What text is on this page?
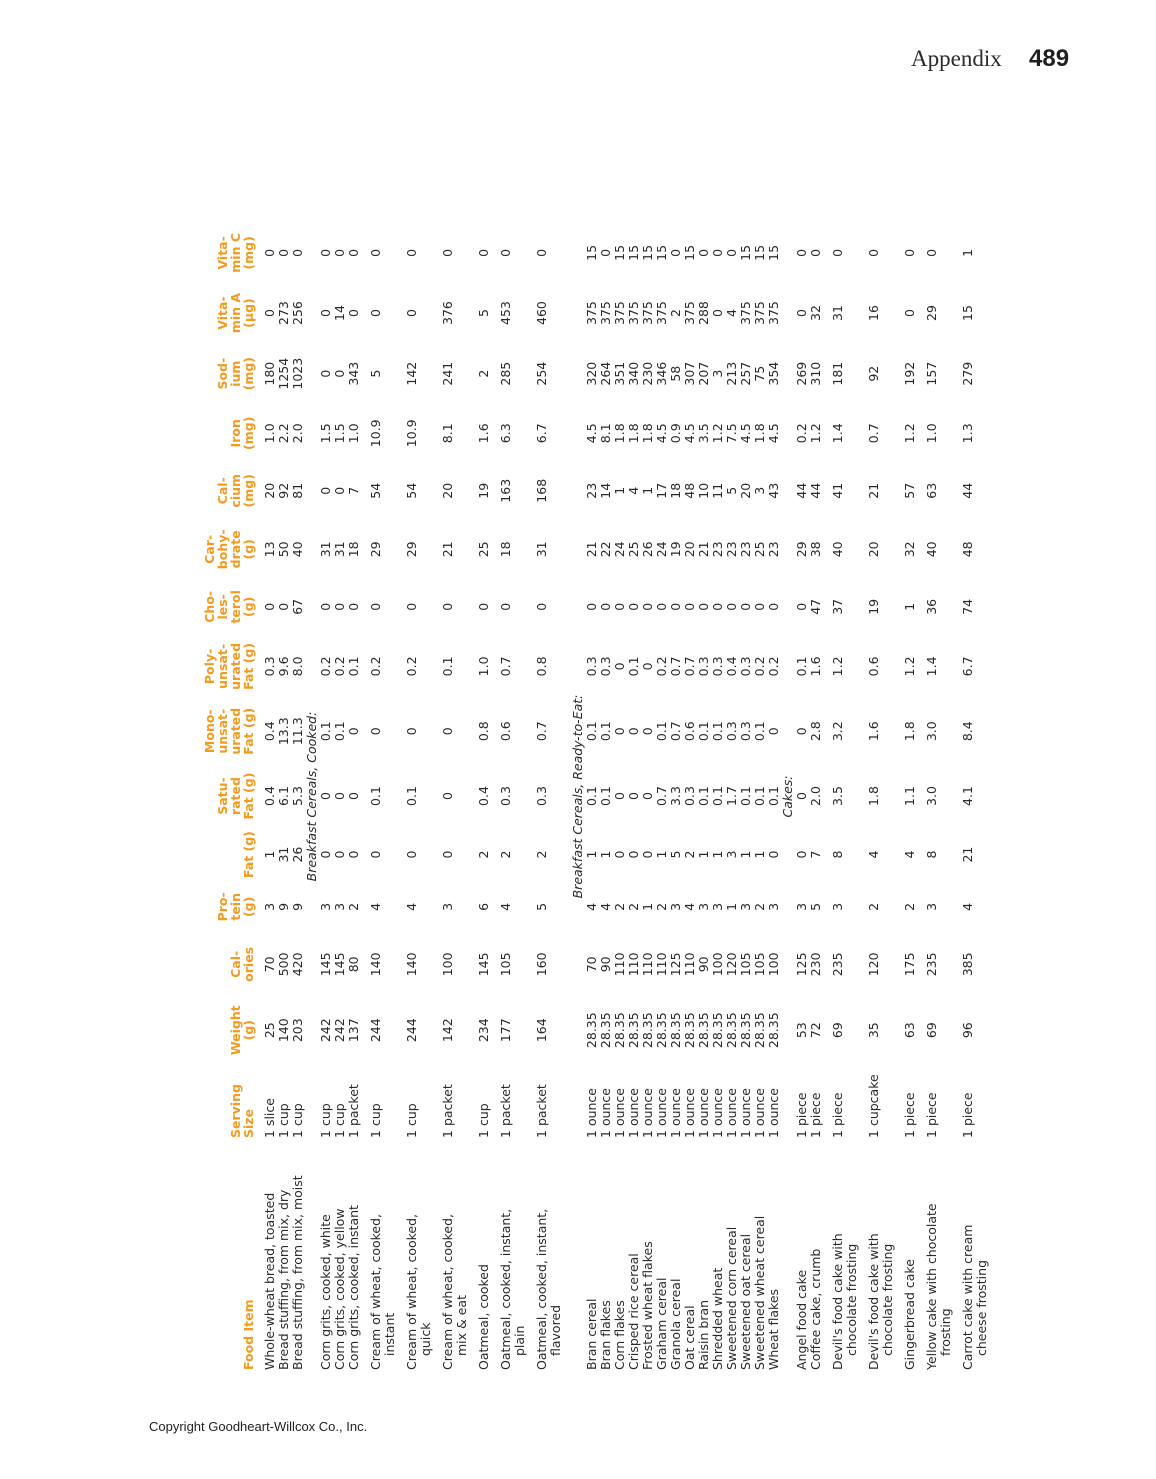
Appendix 489
Food Item	Serving Size	Weight (g)	Cal- ories	Pro- tein (g)	Fat (g)	Satu- rated Fat (g)	Mono- unsat- urated Fat (g)	Poly- unsat- urated Fat (g)	Cho- les- terol (g)	Car- bohy- drate (g)	Cal- cium (mg)	Iron (mg)	Sod- ium (mg)	Vita- min A (µg)	Vita- min C (mg)
Whole-wheat bread, toasted	1 slice	25	70	3	1	0.4	0.4	0.3	0	13	20	1.0	180	0	0
Bread stuffing, from mix, dry	1 cup	140	500	9	31	6.1	13.3	9.6	0	50	92	2.2	1254	273	0
Bread stuffing, from mix, moist	1 cup	203	420	9	26	5.3	11.3	8.0	67	40	81	2.0	1023	256	0
Breakfast Cereals, Cooked:															
Corn grits, cooked, white	1 cup	242	145	3	0	0	0.1	0.2	0	31	0	1.5	0	0	0
Corn grits, cooked, yellow	1 cup	242	145	3	0	0	0.1	0.2	0	31	0	1.5	0	14	0
Corn grits, cooked, instant	1 packet	137	80	2	0	0	0	0.1	0	18	7	1.0	343	0	0
Cream of wheat, cooked,
instant	1 cup	244	140	4	0	0.1	0	0.2	0	29	54	10.9	5	0	0
Cream of wheat, cooked,
quick	1 cup	244	140	4	0	0.1	0	0.2	0	29	54	10.9	142	0	0
Cream of wheat, cooked,
mix & eat	1 packet	142	100	3	0	0	0	0.1	0	21	20	8.1	241	376	0
Oatmeal, cooked	1 cup	234	145	6	2	0.4	0.8	1.0	0	25	19	1.6	2	5	0
Oatmeal, cooked, instant,
plain	1 packet	177	105	4	2	0.3	0.6	0.7	0	18	163	6.3	285	453	0
Oatmeal, cooked, instant,
flavored	1 packet	164	160	5	2	0.3	0.7	0.8	0	31	168	6.7	254	460	0
Breakfast Cereals, Ready-to-Eat:															
Bran cereal	1 ounce	28.35	70	4	1	0.1	0.1	0.3	0	21	23	4.5	320	375	15
Bran flakes	1 ounce	28.35	90	4	1	0.1	0.1	0.3	0	22	14	8.1	264	375	0
Corn flakes	1 ounce	28.35	110	2	0	0	0	0	0	24	1	1.8	351	375	15
Crisped rice cereal	1 ounce	28.35	110	2	0	0	0	0.1	0	25	4	1.8	340	375	15
Frosted wheat flakes	1 ounce	28.35	110	1	0	0	0	0	0	26	1	1.8	230	375	15
Graham cereal	1 ounce	28.35	110	2	1	0.7	0.1	0.2	0	24	17	4.5	346	375	15
Granola cereal	1 ounce	28.35	125	3	5	3.3	0.7	0.7	0	19	18	0.9	58	2	0
Oat cereal	1 ounce	28.35	110	4	2	0.3	0.6	0.7	0	20	48	4.5	307	375	15
Raisin bran	1 ounce	28.35	90	3	1	0.1	0.1	0.3	0	21	10	3.5	207	288	0
Shredded wheat	1 ounce	28.35	100	3	1	0.1	0.1	0.3	0	23	11	1.2	3	0	0
Sweetened corn cereal	1 ounce	28.35	120	1	3	1.7	0.3	0.4	0	23	5	7.5	213	4	0
Sweetened oat cereal	1 ounce	28.35	105	3	1	0.1	0.3	0.3	0	23	20	4.5	257	375	15
Sweetened wheat cereal	1 ounce	28.35	105	2	1	0.1	0.1	0.2	0	25	3	1.8	75	375	15
Wheat flakes	1 ounce	28.35	100	3	0	0.1	0	0.2	0	23	43	4.5	354	375	15
Cakes:															
Angel food cake	1 piece	53	125	3	0	0	0	0.1	0	29	44	0.2	269	0	0
Coffee cake, crumb	1 piece	72	230	5	7	2.0	2.8	1.6	47	38	44	1.2	310	32	0
Devil's food cake with
chocolate frosting	1 piece	69	235	3	8	3.5	3.2	1.2	37	40	41	1.4	181	31	0
Devil's food cake with
chocolate frosting	1 cupcake	35	120	2	4	1.8	1.6	0.6	19	20	21	0.7	92	16	0
Gingerbread cake	1 piece	63	175	2	4	1.1	1.8	1.2	1	32	57	1.2	192	0	0
Yellow cake with chocolate
frosting	1 piece	69	235	3	8	3.0	3.0	1.4	36	40	63	1.0	157	29	0
Carrot cake with cream
cheese frosting	1 piece	96	385	4	21	4.1	8.4	6.7	74	48	44	1.3	279	15	1
Copyright Goodheart-Willcox Co., Inc.
